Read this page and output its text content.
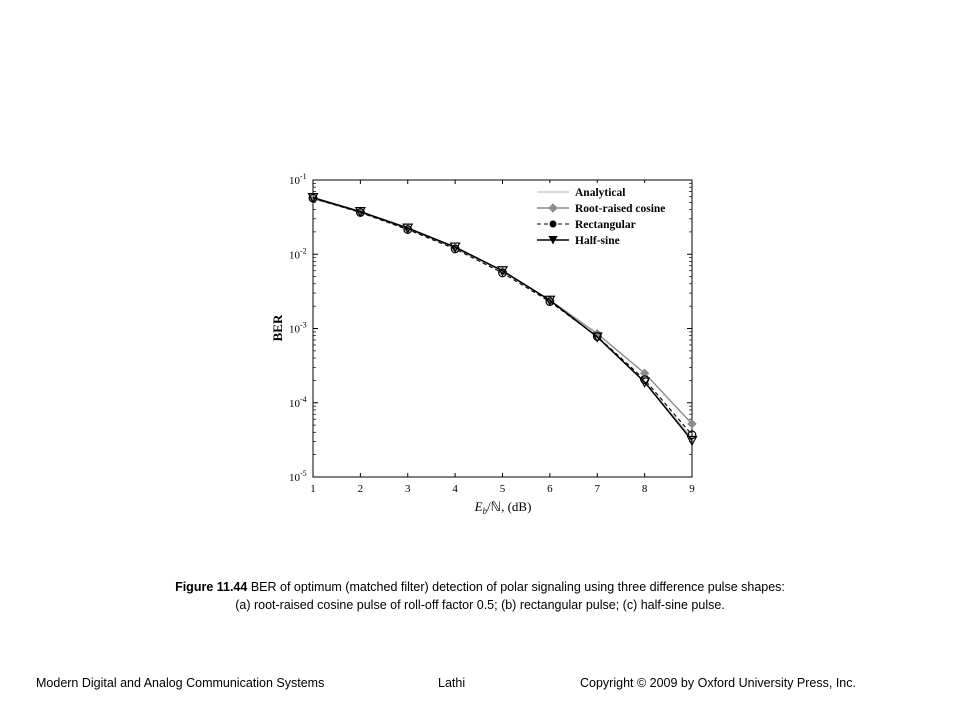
1	2	3	4	5	6	7	8	9
$10^{-1}$
$10^{-2}$
$10^{-3}$
$10^{-4}$
$10^{-5}$
Analytical
Root-raised cosine
Rectangular
Half-sine
BER
$E_b/ℕ$, (dB)
Figure 11.44 BER of optimum (matched filter) detection of polar signaling using three difference pulse shapes:
(a) root-raised cosine pulse of roll-off factor 0.5; (b) rectangular pulse; (c) half-sine pulse.
Modern Digital and Analog Communication Systems	Lathi	Copyright © 2009 by Oxford University Press, Inc.
